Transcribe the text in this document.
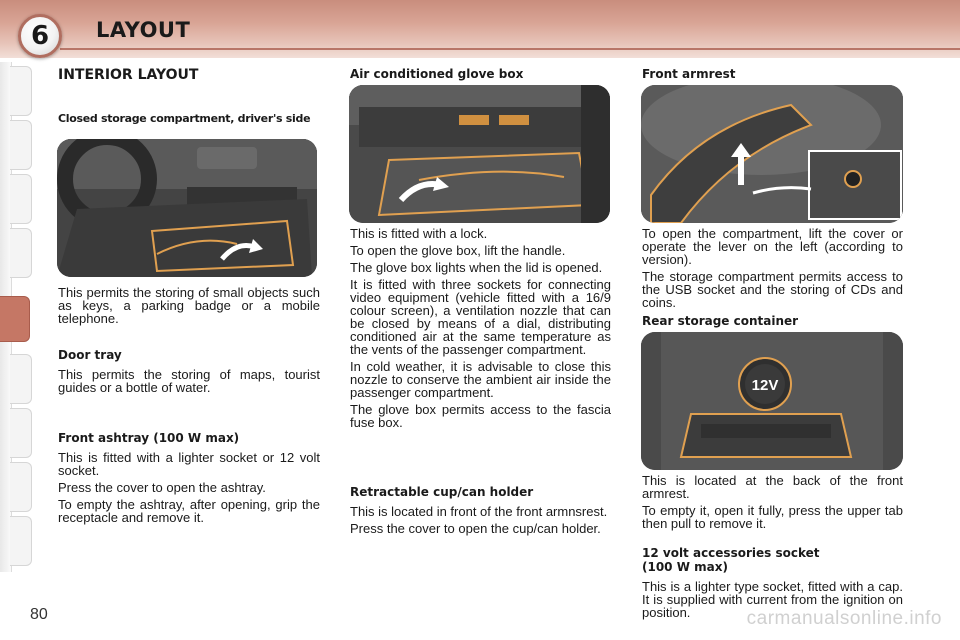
6	LAYOUT
INTERIOR LAYOUT
Closed storage compartment, driver's side

This permits the storing of small objects such as keys, a parking badge or a mobile telephone.

Door tray

This permits the storing of maps, tourist guides or a bottle of water.

Front ashtray (100 W max)

This is fitted with a lighter socket or 12 volt socket.

Press the cover to open the ashtray.

To empty the ashtray, after opening, grip the receptacle and remove it.

Air conditioned glove box

This is fitted with a lock.

To open the glove box, lift the handle.

The glove box lights when the lid is opened.

It is fitted with three sockets for connecting video equipment (vehicle fitted with a 16/9 colour screen), a ventilation nozzle that can be closed by means of a dial, distributing conditioned air at the same temperature as the vents of the passenger compartment.

In cold weather, it is advisable to close this nozzle to conserve the ambient air inside the passenger compartment.

The glove box permits access to the fascia fuse box.

Retractable cup/can holder

This is located in front of the front armnsrest.

Press the cover to open the cup/can holder.

Front armrest

To open the compartment, lift the cover or operate the lever on the left (according to version).

The storage compartment permits access to the USB socket and the storing of CDs and coins.

Rear storage container
12V

This is located at the back of the front armrest.

To empty it, open it fully, press the upper tab then pull to remove it.

12 volt accessories socket
(100 W max)

This is a lighter type socket, fitted with a cap. It is supplied with current from the ignition on position.

80	carmanualsonline.info
